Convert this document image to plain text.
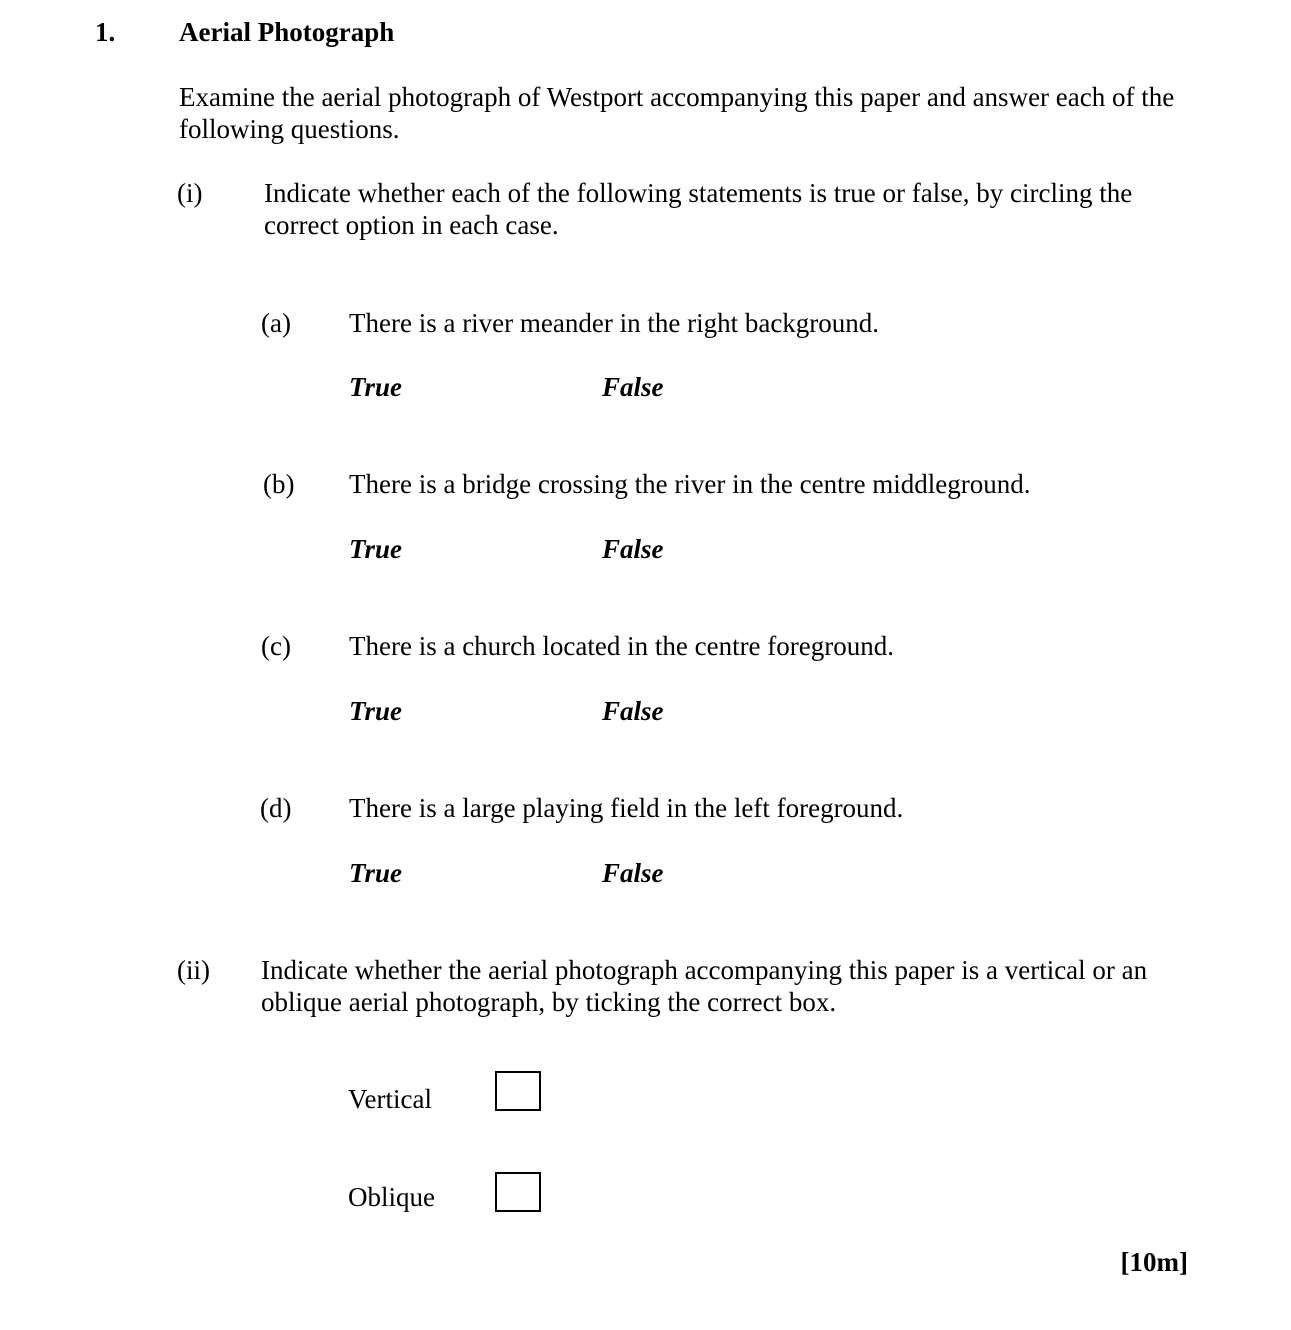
1. Aerial Photograph
Examine the aerial photograph of Westport accompanying this paper and answer each of the following questions.
(i) Indicate whether each of the following statements is true or false, by circling the correct option in each case.
(a) There is a river meander in the right background.
True	False
(b) There is a bridge crossing the river in the centre middleground.
True	False
(c) There is a church located in the centre foreground.
True	False
(d) There is a large playing field in the left foreground.
True	False
(ii) Indicate whether the aerial photograph accompanying this paper is a vertical or an oblique aerial photograph, by ticking the correct box.
Vertical
Oblique
[10m]
